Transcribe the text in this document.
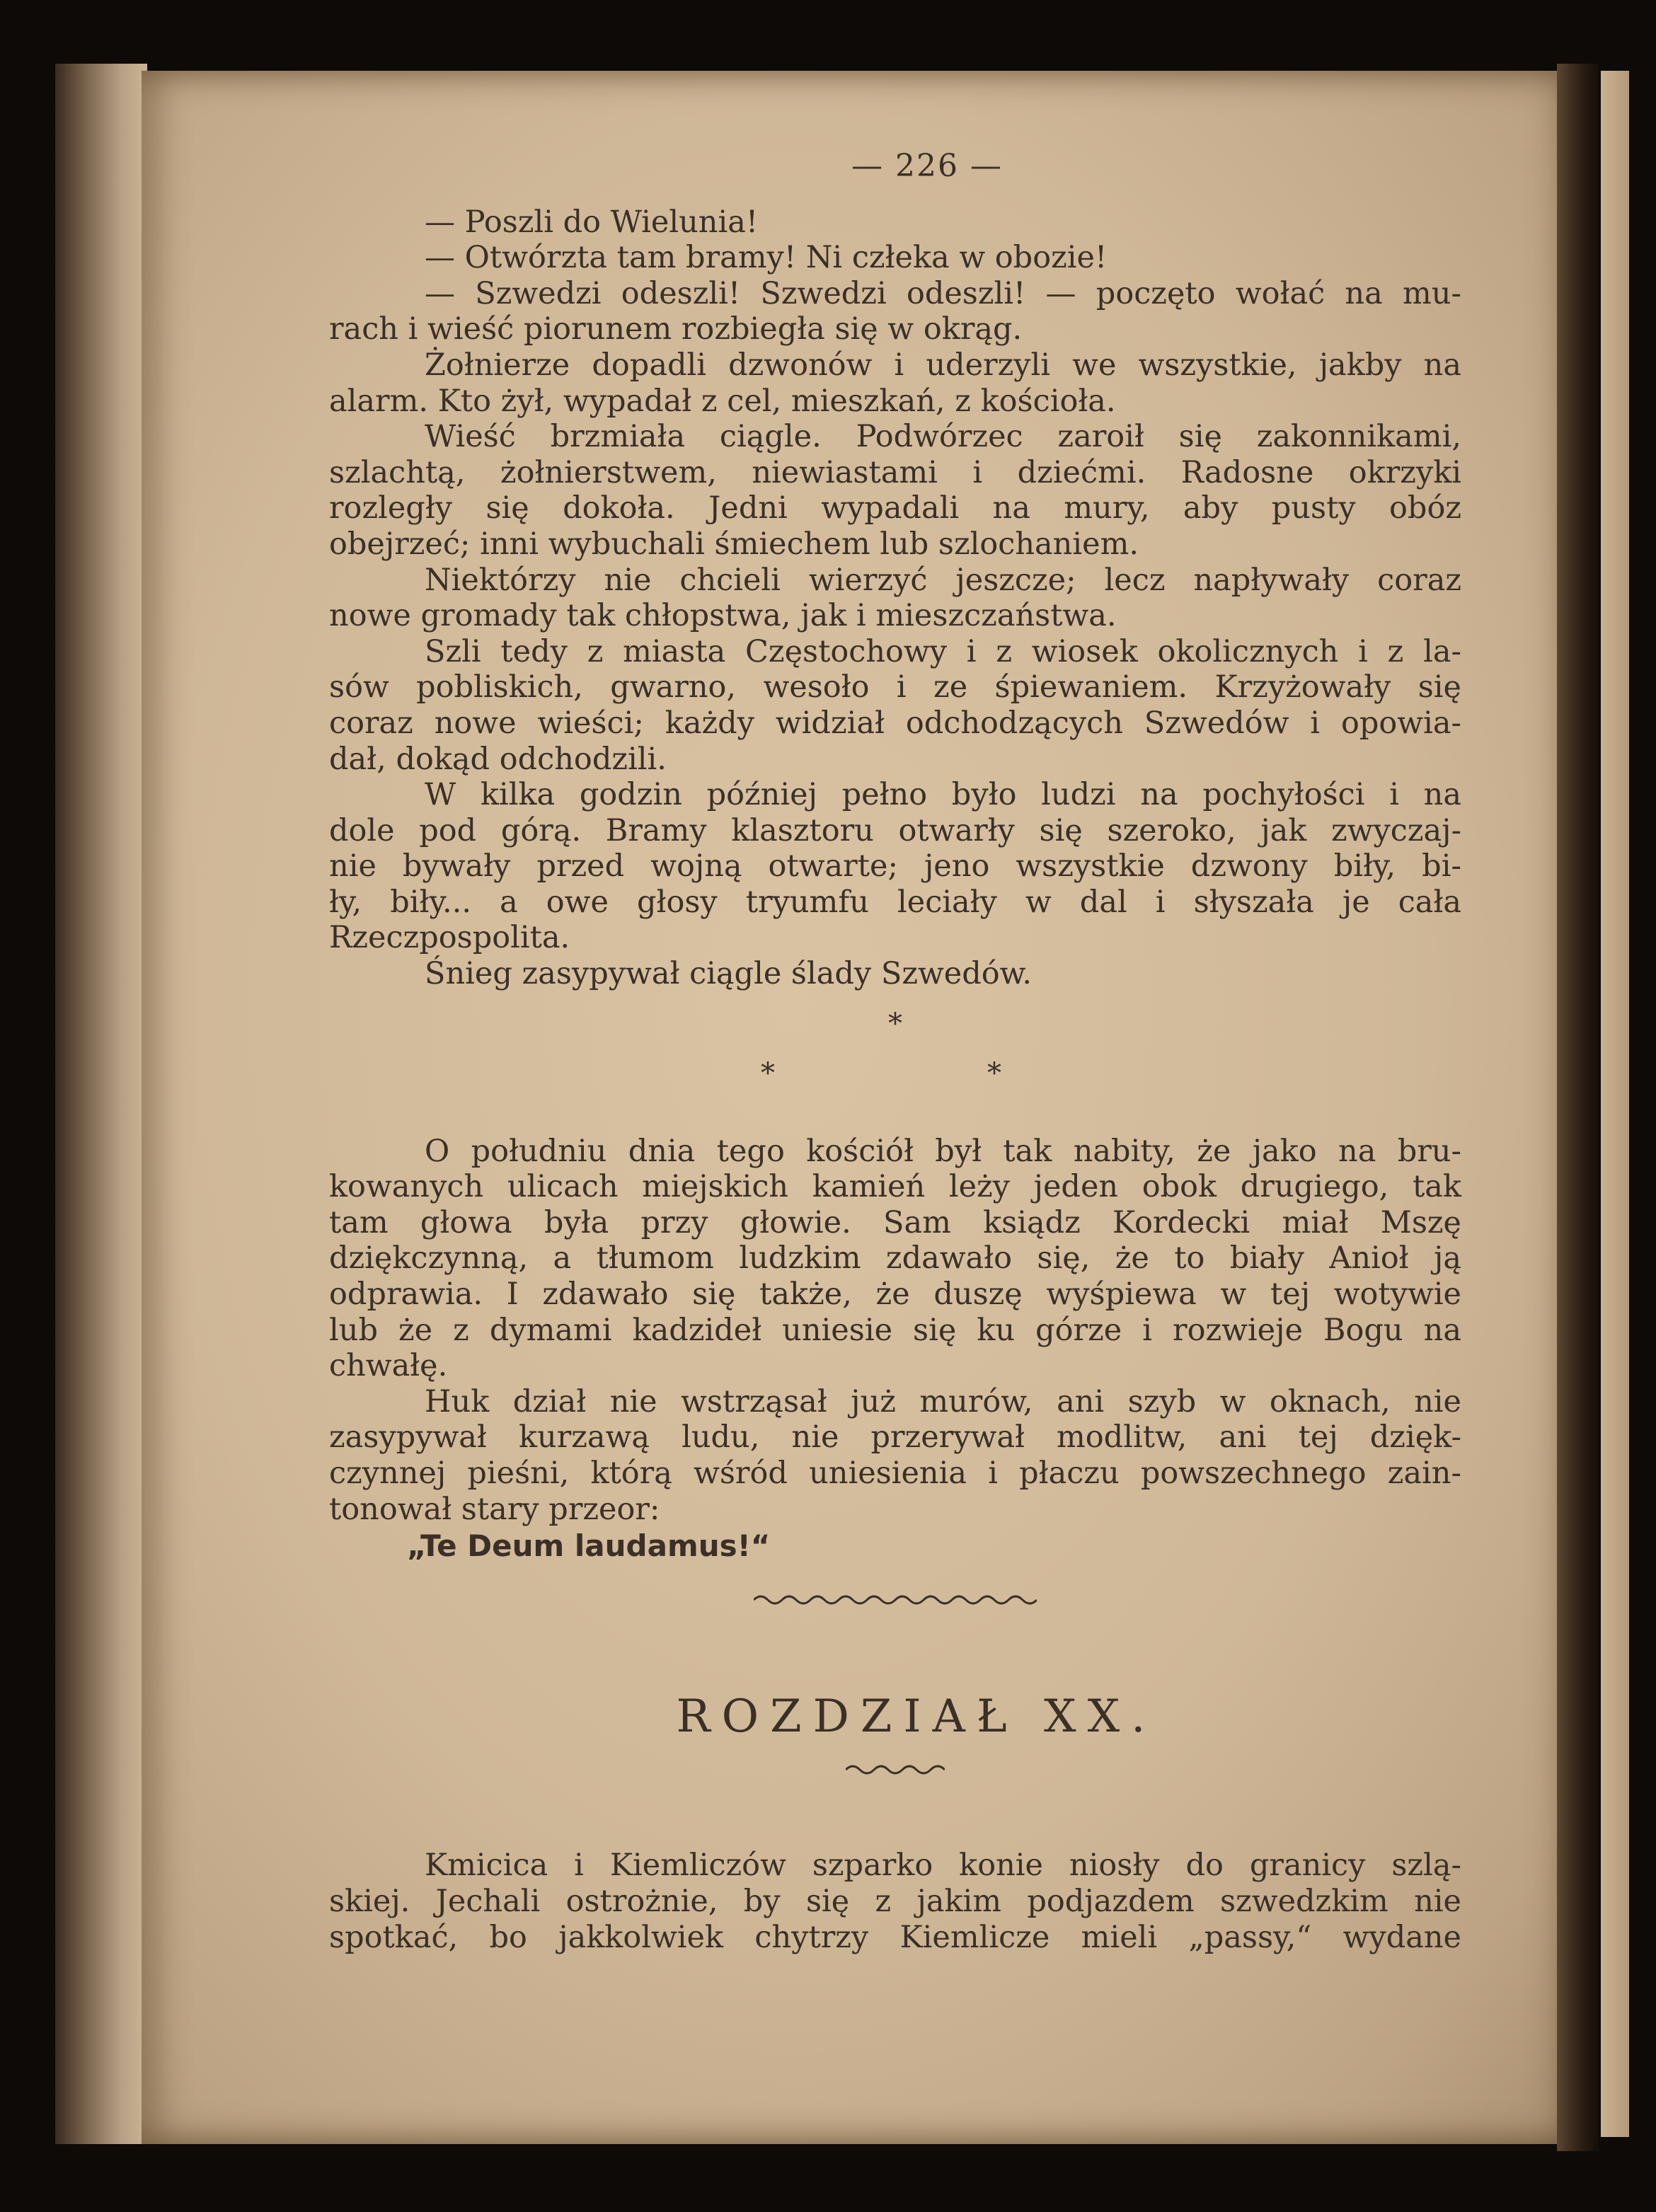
— 226 —
— Poszli do Wielunia!
— Otwórzta tam bramy! Ni człeka w obozie!
— Szwedzi odeszli! Szwedzi odeszli! — poczęto wołać na mu-
rach i wieść piorunem rozbiegła się w okrąg.
Żołnierze dopadli dzwonów i uderzyli we wszystkie, jakby na
alarm. Kto żył, wypadał z cel, mieszkań, z kościoła.
Wieść brzmiała ciągle. Podwórzec zaroił się zakonnikami,
szlachtą, żołnierstwem, niewiastami i dziećmi. Radosne okrzyki
rozległy się dokoła. Jedni wypadali na mury, aby pusty obóz
obejrzeć; inni wybuchali śmiechem lub szlochaniem.
Niektórzy nie chcieli wierzyć jeszcze; lecz napływały coraz
nowe gromady tak chłopstwa, jak i mieszczaństwa.
Szli tedy z miasta Częstochowy i z wiosek okolicznych i z la-
sów pobliskich, gwarno, wesoło i ze śpiewaniem. Krzyżowały się
coraz nowe wieści; każdy widział odchodzących Szwedów i opowia-
dał, dokąd odchodzili.
W kilka godzin później pełno było ludzi na pochyłości i na
dole pod górą. Bramy klasztoru otwarły się szeroko, jak zwyczaj-
nie bywały przed wojną otwarte; jeno wszystkie dzwony biły, bi-
ły, biły... a owe głosy tryumfu leciały w dal i słyszała je cała
Rzeczpospolita.
Śnieg zasypywał ciągle ślady Szwedów.
*
*	*
O południu dnia tego kościół był tak nabity, że jako na bru-
kowanych ulicach miejskich kamień leży jeden obok drugiego, tak
tam głowa była przy głowie. Sam ksiądz Kordecki miał Mszę
dziękczynną, a tłumom ludzkim zdawało się, że to biały Anioł ją
odprawia. I zdawało się także, że duszę wyśpiewa w tej wotywie
lub że z dymami kadzideł uniesie się ku górze i rozwieje Bogu na
chwałę.
Huk dział nie wstrząsał już murów, ani szyb w oknach, nie
zasypywał kurzawą ludu, nie przerywał modlitw, ani tej dzięk-
czynnej pieśni, którą wśród uniesienia i płaczu powszechnego zain-
tonował stary przeor:
„Te Deum laudamus!“
ROZDZIAŁ XX.
Kmicica i Kiemliczów szparko konie niosły do granicy szlą-
skiej. Jechali ostrożnie, by się z jakim podjazdem szwedzkim nie
spotkać, bo jakkolwiek chytrzy Kiemlicze mieli „passy,“ wydane
